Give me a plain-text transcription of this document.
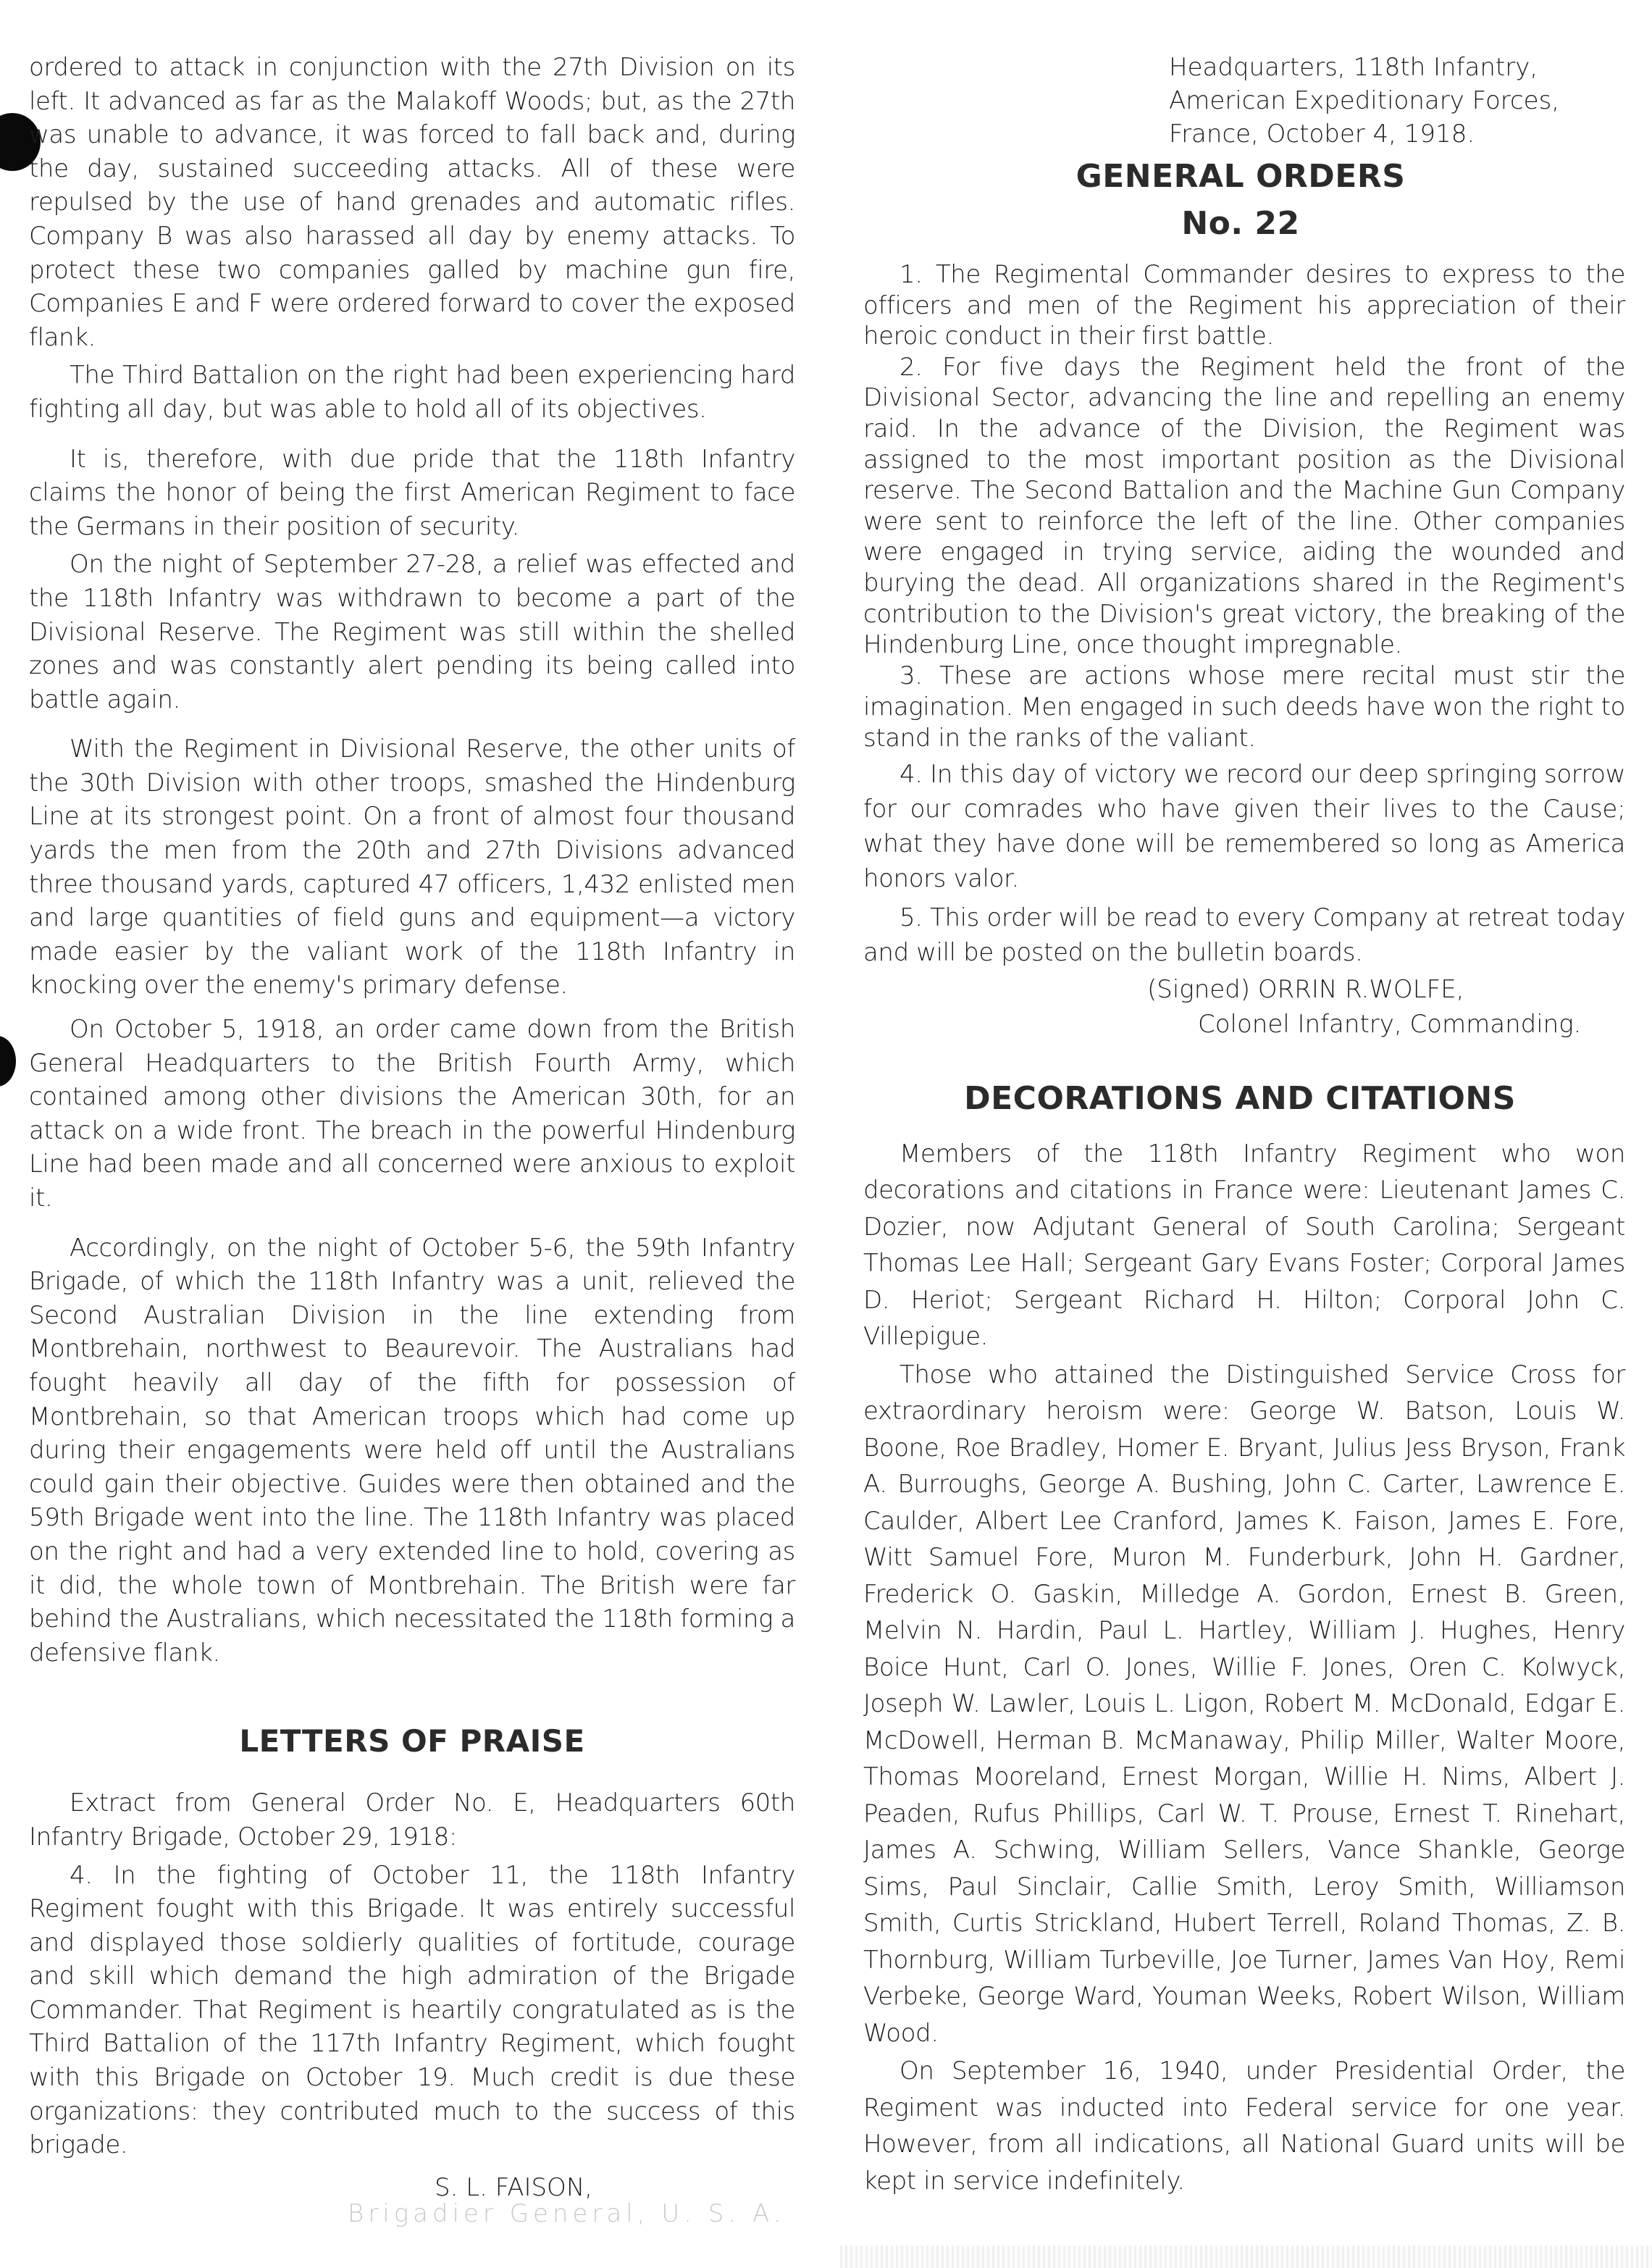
ordered to attack in conjunction with the 27th Division on its left. It advanced as far as the Malakoff Woods; but, as the 27th was unable to advance, it was forced to fall back and, during the day, sustained succeeding attacks. All of these were repulsed by the use of hand grenades and automatic rifles. Company B was also harassed all day by enemy attacks. To protect these two companies galled by machine gun fire, Companies E and F were ordered forward to cover the exposed flank.

The Third Battalion on the right had been experiencing hard fighting all day, but was able to hold all of its objectives.

It is, therefore, with due pride that the 118th Infantry claims the honor of being the first American Regiment to face the Germans in their position of security.

On the night of September 27-28, a relief was effected and the 118th Infantry was withdrawn to become a part of the Divisional Reserve. The Regiment was still within the shelled zones and was constantly alert pending its being called into battle again.

With the Regiment in Divisional Reserve, the other units of the 30th Division with other troops, smashed the Hindenburg Line at its strongest point. On a front of almost four thousand yards the men from the 20th and 27th Divisions advanced three thousand yards, captured 47 officers, 1,432 enlisted men and large quantities of field guns and equipment—a victory made easier by the valiant work of the 118th Infantry in knocking over the enemy's primary defense.

On October 5, 1918, an order came down from the British General Headquarters to the British Fourth Army, which contained among other divisions the American 30th, for an attack on a wide front. The breach in the powerful Hindenburg Line had been made and all concerned were anxious to exploit it.

Accordingly, on the night of October 5-6, the 59th Infantry Brigade, of which the 118th Infantry was a unit, relieved the Second Australian Division in the line extending from Montbrehain, northwest to Beaurevoir. The Australians had fought heavily all day of the fifth for possession of Montbrehain, so that American troops which had come up during their engagements were held off until the Australians could gain their objective. Guides were then obtained and the 59th Brigade went into the line. The 118th Infantry was placed on the right and had a very extended line to hold, covering as it did, the whole town of Montbrehain. The British were far behind the Australians, which necessitated the 118th forming a defensive flank.

LETTERS OF PRAISE

Extract from General Order No. E, Headquarters 60th Infantry Brigade, October 29, 1918:

4. In the fighting of October 11, the 118th Infantry Regiment fought with this Brigade. It was entirely successful and displayed those soldierly qualities of fortitude, courage and skill which demand the high admiration of the Brigade Commander. That Regiment is heartily congratulated as is the Third Battalion of the 117th Infantry Regiment, which fought with this Brigade on October 19. Much credit is due these organizations: they contributed much to the success of this brigade.

S. L. FAISON,
Brigadier General, U. S. A.
Headquarters, 118th Infantry,
American Expeditionary Forces,
France, October 4, 1918.
GENERAL ORDERS
No. 22

1. The Regimental Commander desires to express to the officers and men of the Regiment his appreciation of their heroic conduct in their first battle.

2. For five days the Regiment held the front of the Divisional Sector, advancing the line and repelling an enemy raid. In the advance of the Division, the Regiment was assigned to the most important position as the Divisional reserve. The Second Battalion and the Machine Gun Company were sent to reinforce the left of the line. Other companies were engaged in trying service, aiding the wounded and burying the dead. All organizations shared in the Regiment's contribution to the Division's great victory, the breaking of the Hindenburg Line, once thought impregnable.

3. These are actions whose mere recital must stir the imagination. Men engaged in such deeds have won the right to stand in the ranks of the valiant.

4. In this day of victory we record our deep springing sorrow for our comrades who have given their lives to the Cause; what they have done will be remembered so long as America honors valor.

5. This order will be read to every Company at retreat today and will be posted on the bulletin boards.

(Signed) ORRIN R.WOLFE,
Colonel Infantry, Commanding.
DECORATIONS AND CITATIONS

Members of the 118th Infantry Regiment who won decorations and citations in France were: Lieutenant James C. Dozier, now Adjutant General of South Carolina; Sergeant Thomas Lee Hall; Sergeant Gary Evans Foster; Corporal James D. Heriot; Sergeant Richard H. Hilton; Corporal John C. Villepigue.

Those who attained the Distinguished Service Cross for extraordinary heroism were: George W. Batson, Louis W. Boone, Roe Bradley, Homer E. Bryant, Julius Jess Bryson, Frank A. Burroughs, George A. Bushing, John C. Carter, Lawrence E. Caulder, Albert Lee Cranford, James K. Faison, James E. Fore, Witt Samuel Fore, Muron M. Funderburk, John H. Gardner, Frederick O. Gaskin, Milledge A. Gordon, Ernest B. Green, Melvin N. Hardin, Paul L. Hartley, William J. Hughes, Henry Boice Hunt, Carl O. Jones, Willie F. Jones, Oren C. Kolwyck, Joseph W. Lawler, Louis L. Ligon, Robert M. McDonald, Edgar E. McDowell, Herman B. McManaway, Philip Miller, Walter Moore, Thomas Mooreland, Ernest Morgan, Willie H. Nims, Albert J. Peaden, Rufus Phillips, Carl W. T. Prouse, Ernest T. Rinehart, James A. Schwing, William Sellers, Vance Shankle, George Sims, Paul Sinclair, Callie Smith, Leroy Smith, Williamson Smith, Curtis Strickland, Hubert Terrell, Roland Thomas, Z. B. Thornburg, William Turbeville, Joe Turner, James Van Hoy, Remi Verbeke, George Ward, Youman Weeks, Robert Wilson, William Wood.

On September 16, 1940, under Presidential Order, the Regiment was inducted into Federal service for one year. However, from all indications, all National Guard units will be kept in service indefinitely.
